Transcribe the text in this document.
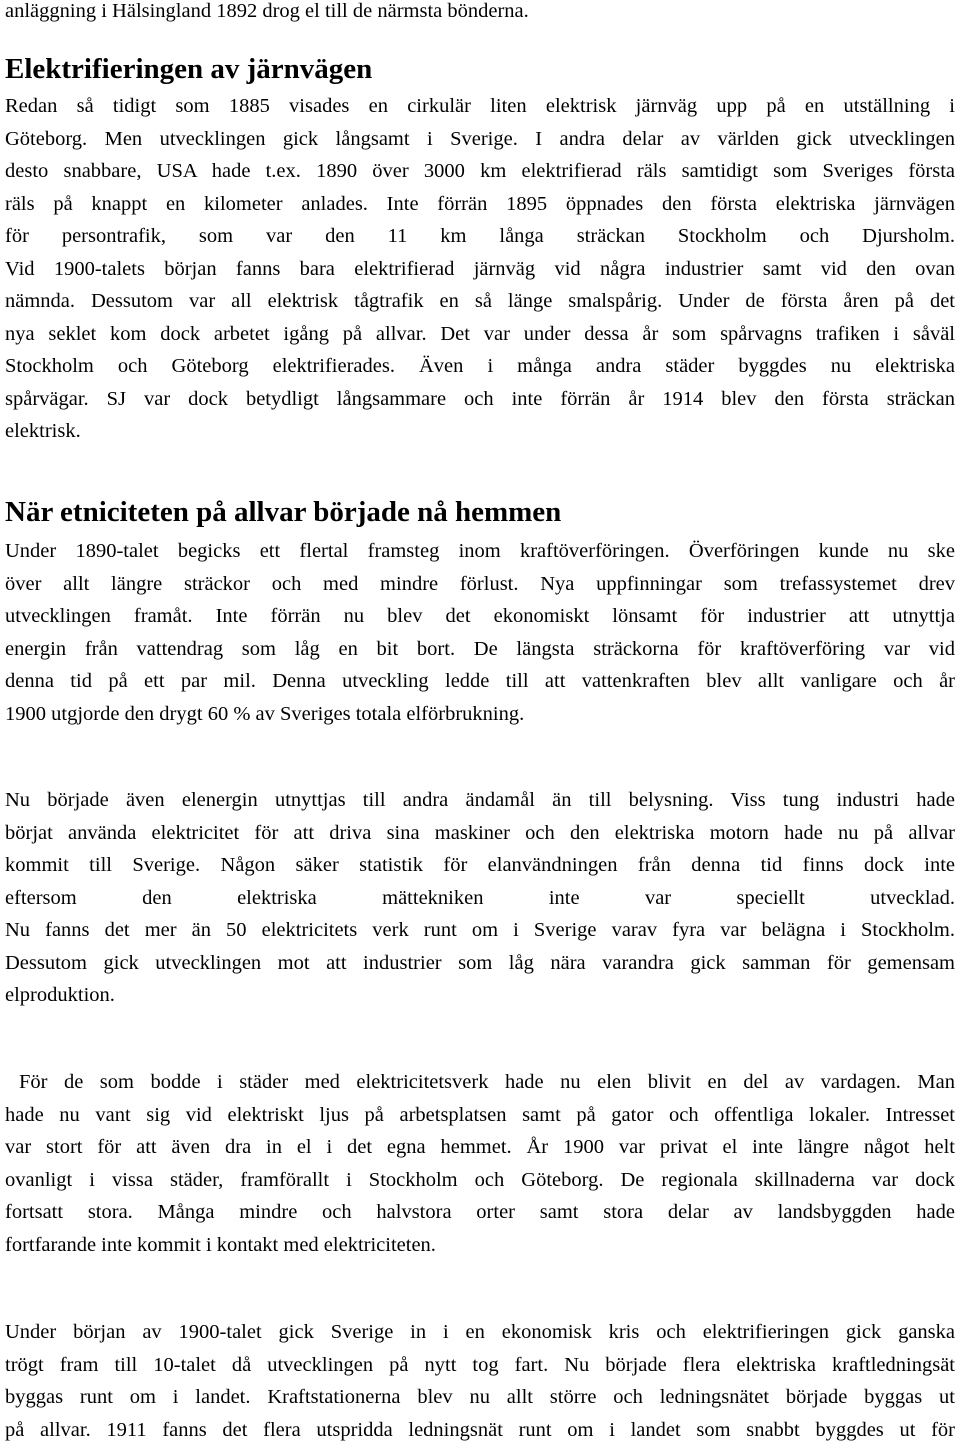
anläggning i Hälsingland 1892 drog el till de närmsta bönderna.
Elektrifieringen av järnvägen
Redan så tidigt som 1885 visades en cirkulär liten elektrisk järnväg upp på en utställning i
Göteborg. Men utvecklingen gick långsamt i Sverige. I andra delar av världen gick utvecklingen
desto snabbare, USA hade t.ex. 1890 över 3000 km elektrifierad räls samtidigt som Sveriges första
räls på knappt en kilometer anlades. Inte förrän 1895 öppnades den första elektriska järnvägen
för persontrafik, som var den 11 km långa sträckan Stockholm och Djursholm.
Vid 1900-talets början fanns bara elektrifierad järnväg vid några industrier samt vid den ovan
nämnda. Dessutom var all elektrisk tågtrafik en så länge smalspårig. Under de första åren på det
nya seklet kom dock arbetet igång på allvar. Det var under dessa år som spårvagns trafiken i såväl
Stockholm och Göteborg elektrifierades. Även i många andra städer byggdes nu elektriska
spårvägar. SJ var dock betydligt långsammare och inte förrän år 1914 blev den första sträckan
elektrisk.
När etniciteten på allvar började nå hemmen
Under 1890-talet begicks ett flertal framsteg inom kraftöverföringen. Överföringen kunde nu ske
över allt längre sträckor och med mindre förlust. Nya uppfinningar som trefassystemet drev
utvecklingen framåt. Inte förrän nu blev det ekonomiskt lönsamt för industrier att utnyttja
energin från vattendrag som låg en bit bort. De längsta sträckorna för kraftöverföring var vid
denna tid på ett par mil. Denna utveckling ledde till att vattenkraften blev allt vanligare och år
1900 utgjorde den drygt 60 % av Sveriges totala elförbrukning.
Nu började även elenergin utnyttjas till andra ändamål än till belysning. Viss tung industri hade
börjat använda elektricitet för att driva sina maskiner och den elektriska motorn hade nu på allvar
kommit till Sverige. Någon säker statistik för elanvändningen från denna tid finns dock inte
eftersom den elektriska mättekniken inte var speciellt utvecklad.
Nu fanns det mer än 50 elektricitets verk runt om i Sverige varav fyra var belägna i Stockholm.
Dessutom gick utvecklingen mot att industrier som låg nära varandra gick samman för gemensam
elproduktion.
För de som bodde i städer med elektricitetsverk hade nu elen blivit en del av vardagen. Man
hade nu vant sig vid elektriskt ljus på arbetsplatsen samt på gator och offentliga lokaler. Intresset
var stort för att även dra in el i det egna hemmet. År 1900 var privat el inte längre något helt
ovanligt i vissa städer, framförallt i Stockholm och Göteborg. De regionala skillnaderna var dock
fortsatt stora. Många mindre och halvstora orter samt stora delar av landsbyggden hade
fortfarande inte kommit i kontakt med elektriciteten.
Under början av 1900-talet gick Sverige in i en ekonomisk kris och elektrifieringen gick ganska
trögt fram till 10-talet då utvecklingen på nytt tog fart. Nu började flera elektriska kraftledningsät
byggas runt om i landet. Kraftstationerna blev nu allt större och ledningsnätet började byggas ut
på allvar. 1911 fanns det flera utspridda ledningsnät runt om i landet som snabbt byggdes ut för
